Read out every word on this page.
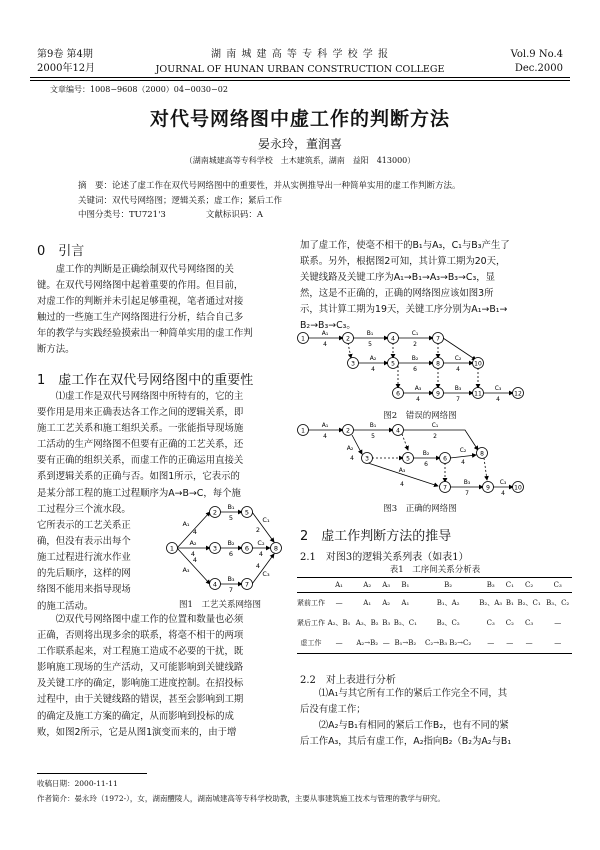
第9卷 第4期
2000年12月
湖 南 城 建 高 等 专 科 学 校 学 报
JOURNAL OF HUNAN URBAN CONSTRUCTION COLLEGE
Vol.9 No.4
Dec.2000
文章编号：1008−9608（2000）04−0030−02
对代号网络图中虚工作的判断方法
晏永玲，董润喜
（湖南城建高等专科学校　土木建筑系，湖南　益阳　413000）
摘　要：论述了虚工作在双代号网络图中的重要性，并从实例推导出一种简单实用的虚工作判断方法。
关键词：双代号网络图；逻辑关系；虚工作；紧后工作
中图分类号：TU721'3	文献标识码：A
0　引言
虚工作的判断是正确绘制双代号网络图的关
键。在双代号网络图中起着重要的作用。但目前，
对虚工作的判断并未引起足够重视，笔者通过对接
触过的一些施工生产网络图进行分析，结合自己多
年的教学与实践经验摸索出一种简单实用的虚工作判
断方法。
1　虚工作在双代号网络图中的重要性
⑴虚工作是双代号网络图中所特有的，它的主
要作用是用来正确表达各工作之间的逻辑关系，即
施工工艺关系和施工组织关系。一张能指导现场施
工活动的生产网络图不但要有正确的工艺关系，还
要有正确的组织关系，而虚工作的正确运用直接关
系到逻辑关系的正确与否。如图1所示，它表示的
是某分部工程的施工过程顺序为A→B→C，每个施
工过程分三个流水段。
它所表示的工艺关系正
确，但没有表示出每个
施工过程进行流水作业
的先后顺序，这样的网
络图不能用来指导现场
的施工活动。
1
2
3
4
5
6
7
8
A₁
4
B₁
5	C₁
2
A₂
4
B₂
6
C₂
4
A₃
4
B₃
7
C₃
4
图1　工艺关系网络图
⑵双代号网络图中虚工作的位置和数量也必须
正确，否则将出现多余的联系，将毫不相干的两项
工作联系起来，对工程施工造成不必要的干扰，既
影响施工现场的生产活动，又可能影响到关键线路
及关键工序的确定，影响施工进度控制。在招投标
过程中，由于关键线路的错误，甚至会影响到工期
的确定及施工方案的确定，从而影响到投标的成
败，如图2所示，它是从图1演变而来的，由于增
加了虚工作，使毫不相干的B₁与A₃，C₁与B₃产生了
联系。另外，根据图2可知，其计算工期为20天，
关键线路及关键工序为A₁→B₁→A₃→B₃→C₃，显
然，这是不正确的，正确的网络图应该如图3所
示，其计算工期为19天，关键工序分别为A₁→B₁→
B₂→B₃→C₃。
1	2	4	7
3	5	8	10
6	9	11	12
A₁
4
B₁
5
C₁
2
A₂
4
B₂
6
C₂
4
A₃
4
B₃
7
C₃
4
图2　错误的网络图
1	2	4
3	5	6
8
7	9	10
A₁
4
B₁
5
C₁
2
A₂
4
B₂
6
C₂
4
A₃
4	B₃
7
C₃
4
图3　正确的网络图
2　虚工作判断方法的推导
2.1　对图3的逻辑关系列表（如表1）
表1　工序间关系分析表
	A₁	A₂	A₃	B₁	B₂	B₃	C₁	C₂	C₃
紧前工作	—	A₁	A₂	A₁	B₁、A₂	B₂、A₃	B₁	B₂、C₁	B₃、C₂
紧后工作	A₂、B₁	A₃、B₂	B₃	B₂、C₁	B₃、C₂	C₃	C₂	C₃	—
虚工作	—	A₂→B₂	—	B₁→B₂	C₂→B₃ B₂→C₂	—	—	—	—
2.2　对上表进行分析
⑴A₁与其它所有工作的紧后工作完全不同，其
后没有虚工作；
⑵A₂与B₁有相同的紧后工作B₂，也有不同的紧
后工作A₃，其后有虚工作，A₂指向B₂（B₂为A₂与B₁
收稿日期：2000-11-11
作者简介：晏永玲（1972-），女，湖南醴陵人，湖南城建高等专科学校助教，主要从事建筑施工技术与管理的教学与研究。
